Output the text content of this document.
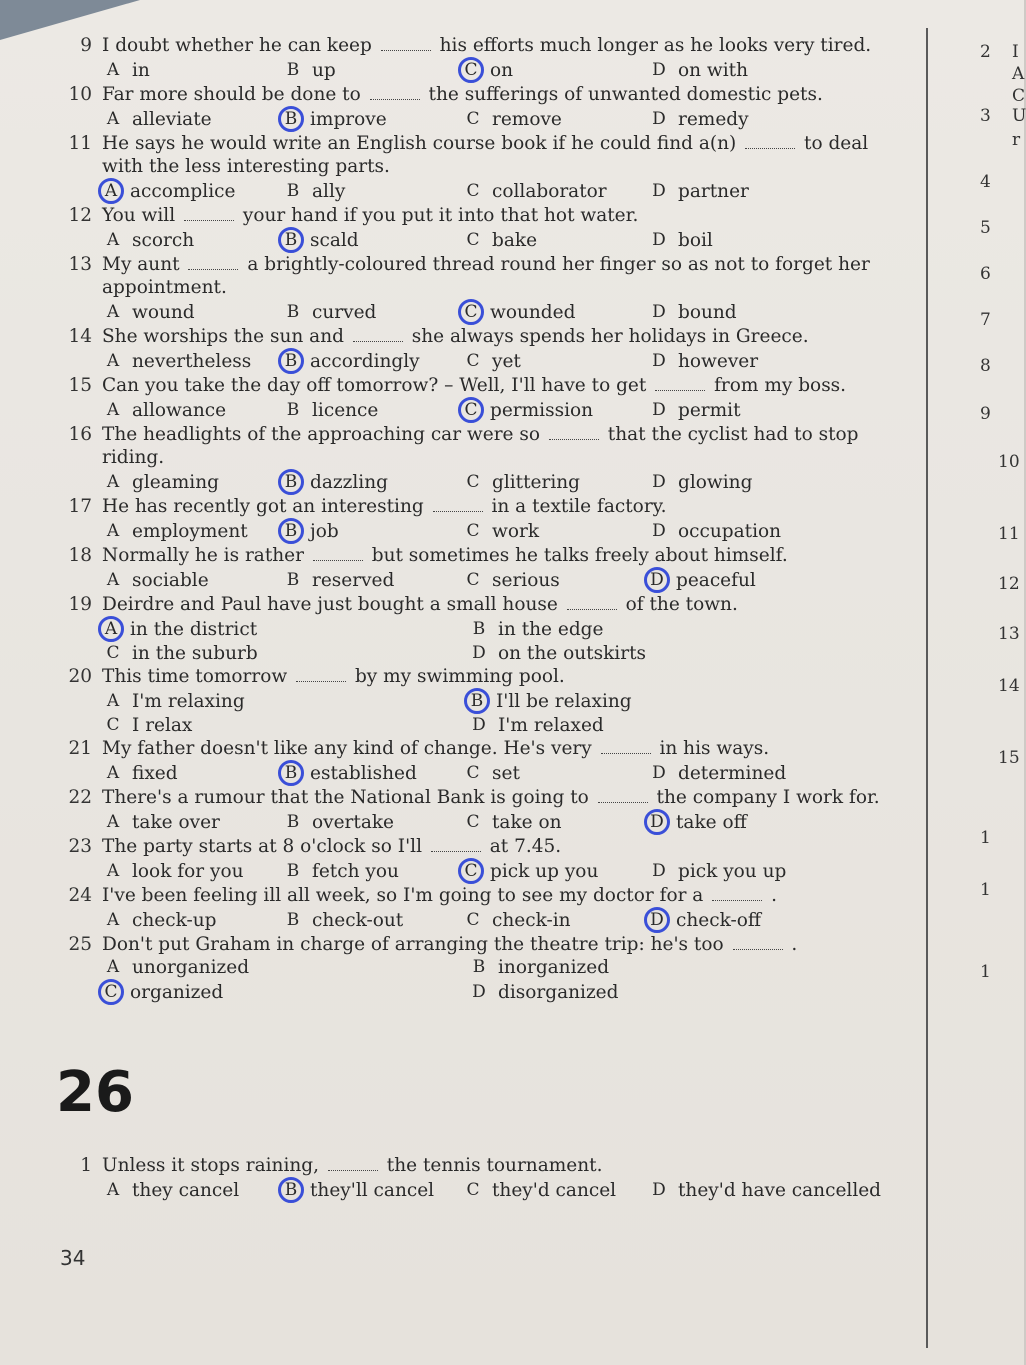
9 I doubt whether he can keep	his efforts much longer as he looks very tired.
A in	B up	C on	D on with
10 Far more should be done to	the sufferings of unwanted domestic pets.
A alleviate	B improve	C remove	D remedy
11 He says he would write an English course book if he could find a(n)	to deal with the less interesting parts.
A accomplice	B ally	C collaborator	D partner
12 You will	your hand if you put it into that hot water.
A scorch	B scald	C bake	D boil
13 My aunt	a brightly-coloured thread round her finger so as not to forget her appointment.
A wound	B curved	C wounded	D bound
14 She worships the sun and	she always spends her holidays in Greece.
A nevertheless	B accordingly	C yet	D however
15 Can you take the day off tomorrow? – Well, I'll have to get	from my boss.
A allowance	B licence	C permission	D permit
16 The headlights of the approaching car were so	that the cyclist had to stop riding.
A gleaming	B dazzling	C glittering	D glowing
17 He has recently got an interesting	in a textile factory.
A employment	B job	C work	D occupation
18 Normally he is rather	but sometimes he talks freely about himself.
A sociable	B reserved	C serious	D peaceful
19 Deirdre and Paul have just bought a small house	of the town.
A in the district	B in the edge
C in the suburb	D on the outskirts
20 This time tomorrow	by my swimming pool.
A I'm relaxing	B I'll be relaxing
C I relax	D I'm relaxed
21 My father doesn't like any kind of change. He's very	in his ways.
A fixed	B established	C set	D determined
22 There's a rumour that the National Bank is going to	the company I work for.
A take over	B overtake	C take on	D take off
23 The party starts at 8 o'clock so I'll	at 7.45.
A look for you	B fetch you	C pick up you	D pick you up
24 I've been feeling ill all week, so I'm going to see my doctor for a	.
A check-up	B check-out	C check-in	D check-off
25 Don't put Graham in charge of arranging the theatre trip: he's too	.
A unorganized	B inorganized
C organized	D disorganized
2
3
4
5
6
7
8
9
10
11
12
13
14
15
1
1
1
I
A
C
U
r
26
1 Unless it stops raining,	the tennis tournament.
A they cancel	B they'll cancel C they'd cancel D they'd have cancelled
34
